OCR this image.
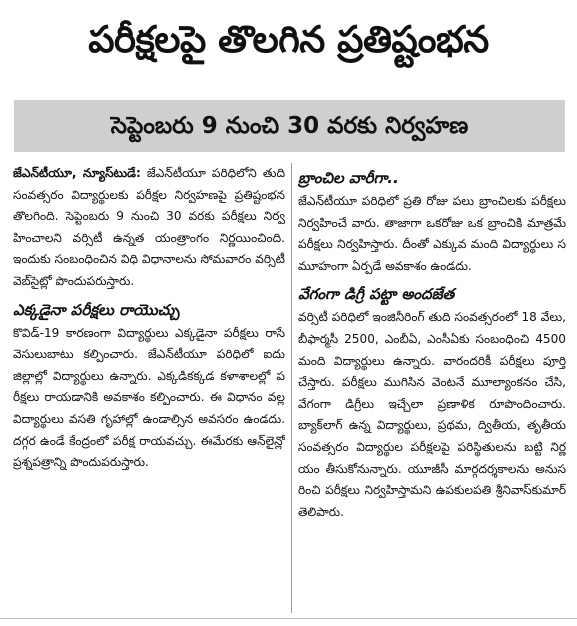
పరీక్షలపై తొలగిన ప్రతిష్టంభన
సెప్టెంబరు 9 నుంచి 30 వరకు నిర్వహణ

జేఎన్‌టీయూ, న్యూస్‌టుడే: జేఎన్‌టీయూ పరిధిలోని తుది సంవత్సరం విద్యార్థులకు పరీక్షల నిర్వహణపై ప్రతిష్టంభన తొలగింది. సెప్టెంబరు 9 నుంచి 30 వరకు పరీక్షలు నిర్వహించాలని వర్సిటీ ఉన్నత యంత్రాంగం నిర్ణయించింది. ఇందుకు సంబంధించిన విధి విధానాలను సోమవారం వర్సిటీ వెబ్‌సైట్లో పొందుపరుస్తారు.

ఎక్కడైనా పరీక్షలు రాయొచ్చు

కొవిడ్‌-19 కారణంగా విద్యార్థులు ఎక్కడైనా పరీక్షలు రాసే వెసులుబాటు కల్పించారు. జేఎన్‌టీయూ పరిధిలో ఐదు జిల్లాల్లో విద్యార్థులు ఉన్నారు. ఎక్కడికక్కడ కళాశాలల్లో పరీక్షలు రాయడానికి అవకాశం కల్పించారు. ఈ విధానం వల్ల విద్యార్థులు వసతి గృహాల్లో ఉండాల్సిన అవసరం ఉండదు. దగ్గర ఉండే కేంద్రంలో పరీక్ష రాయవచ్చు. ఈమేరకు ఆన్‌లైన్లో ప్రశ్నపత్రాన్ని పొందుపరుస్తారు.

బ్రాంచిల వారీగా..

జేఎన్‌టీయూ పరిధిలో ప్రతి రోజు పలు బ్రాంచిలకు పరీక్షలు నిర్వహించే వారు. తాజాగా ఒకరోజు ఒక బ్రాంచికి మాత్రమే పరీక్షలు నిర్వహిస్తారు. దీంతో ఎక్కువ మంది విద్యార్థులు సమూహంగా ఏర్పడే అవకాశం ఉండదు.

వేగంగా డిగ్రీ పట్టా అందజేత

వర్సిటీ పరిధిలో ఇంజినీరింగ్‌ తుది సంవత్సరంలో 18 వేలు, బీఫార్మసీ 2500, ఎంబీఏ, ఎంసీఏకు సంబంధించి 4500 మంది విద్యార్థులు ఉన్నారు. వారందరికీ పరీక్షలు పూర్తి చేస్తారు. పరీక్షలు ముగిసిన వెంటనే మూల్యాంకనం చేసి, వేగంగా డిగ్రీలు ఇచ్చేలా ప్రణాళిక రూపొందించారు. బ్యాక్‌లాగ్‌ ఉన్న విద్యార్థులు, ప్రథమ, ద్వితీయ, తృతీయ సంవత్సరం విద్యార్థుల పరీక్షలపై పరిస్థితులను బట్టి నిర్ణయం తీసుకోనున్నారు. యూజీసీ మార్గదర్శకాలను అనుసరించి పరీక్షలు నిర్వహిస్తామని ఉపకులపతి శ్రీనివాస్‌కుమార్‌ తెలిపారు.
